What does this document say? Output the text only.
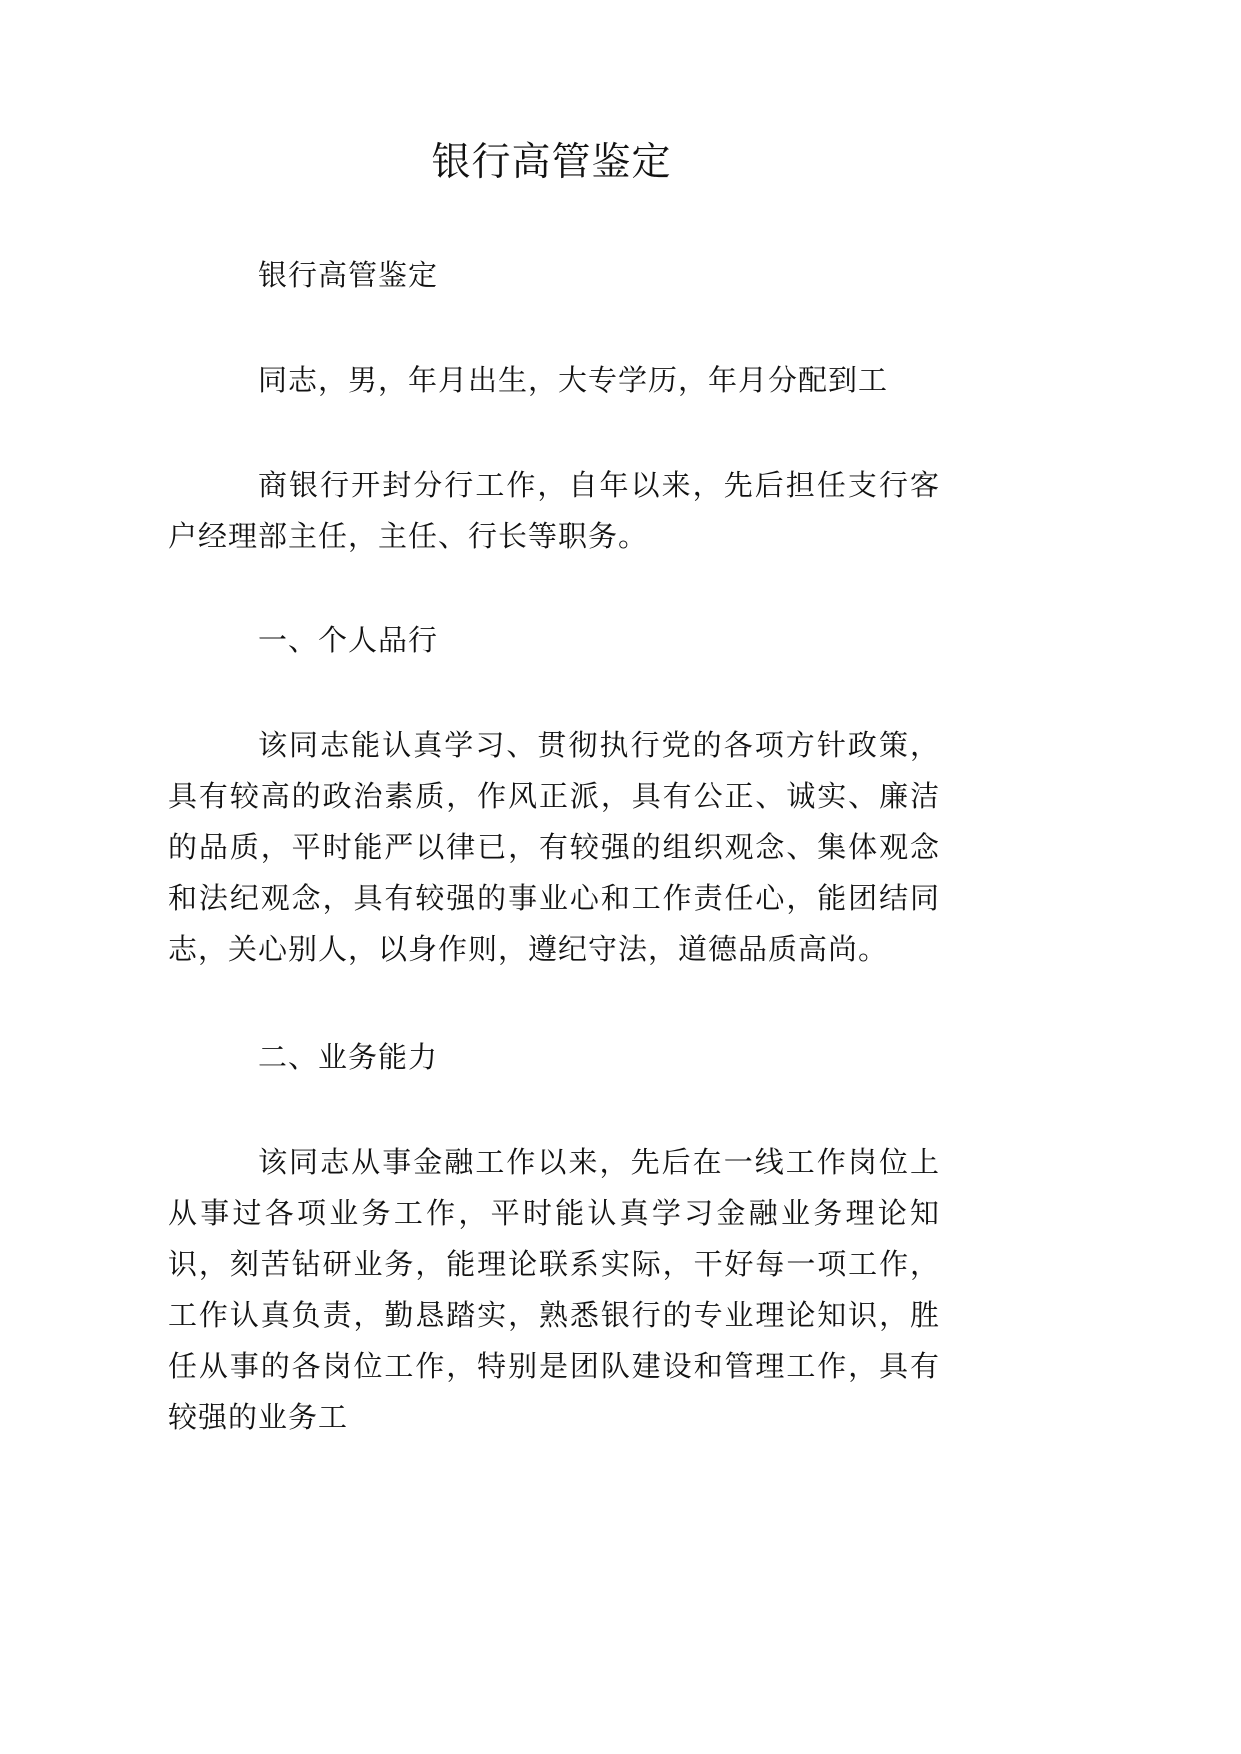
银行高管鉴定

银行高管鉴定

同志，男，年月出生，大专学历，年月分配到工

商银行开封分行工作，自年以来，先后担任支行客户经理部主任，主任、行长等职务。

一、个人品行

该同志能认真学习、贯彻执行党的各项方针政策，具有较高的政治素质，作风正派，具有公正、诚实、廉洁的品质，平时能严以律已，有较强的组织观念、集体观念和法纪观念，具有较强的事业心和工作责任心，能团结同志，关心别人，以身作则，遵纪守法，道德品质高尚。

二、业务能力

该同志从事金融工作以来，先后在一线工作岗位上从事过各项业务工作，平时能认真学习金融业务理论知识，刻苦钻研业务，能理论联系实际，干好每一项工作，工作认真负责，勤恳踏实，熟悉银行的专业理论知识，胜任从事的各岗位工作，特别是团队建设和管理工作，具有较强的业务工
